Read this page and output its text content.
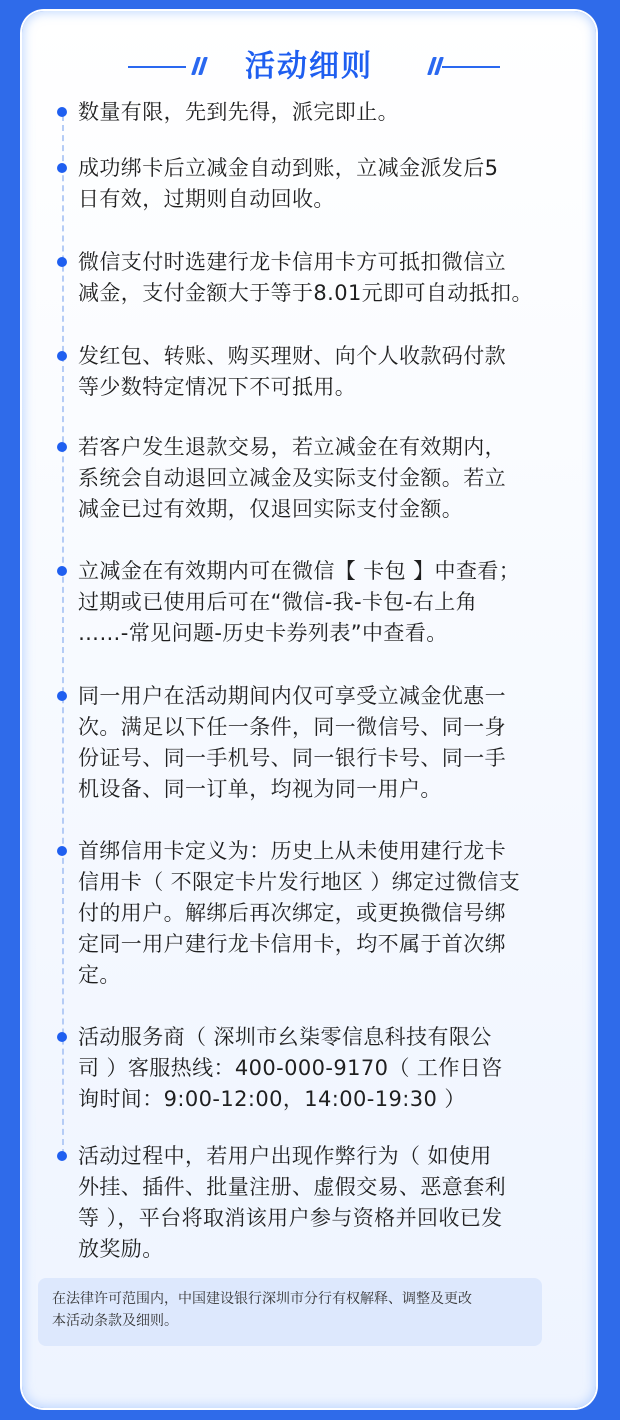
活动细则
数量有限，先到先得，派完即止。
成功绑卡后立减金自动到账，立减金派发后5
日有效，过期则自动回收。
微信支付时选建行龙卡信用卡方可抵扣微信立
减金，支付金额大于等于8.01元即可自动抵扣。
发红包、转账、购买理财、向个人收款码付款
等少数特定情况下不可抵用。
若客户发生退款交易，若立减金在有效期内，
系统会自动退回立减金及实际支付金额。若立
减金已过有效期，仅退回实际支付金额。
立减金在有效期内可在微信【 卡包 】中查看；
过期或已使用后可在“微信-我-卡包-右上角
……-常见问题-历史卡券列表”中查看。
同一用户在活动期间内仅可享受立减金优惠一
次。满足以下任一条件，同一微信号、同一身
份证号、同一手机号、同一银行卡号、同一手
机设备、同一订单，均视为同一用户。
首绑信用卡定义为：历史上从未使用建行龙卡
信用卡（ 不限定卡片发行地区 ）绑定过微信支
付的用户。解绑后再次绑定，或更换微信号绑
定同一用户建行龙卡信用卡，均不属于首次绑
定。
活动服务商（ 深圳市幺柒零信息科技有限公
司 ）客服热线：400-000-9170（ 工作日咨
询时间：9:00-12:00，14:00-19:30 ）
活动过程中，若用户出现作弊行为（ 如使用
外挂、插件、批量注册、虚假交易、恶意套利
等 ），平台将取消该用户参与资格并回收已发
放奖励。
在法律许可范围内，中国建设银行深圳市分行有权解释、调整及更改
本活动条款及细则。
